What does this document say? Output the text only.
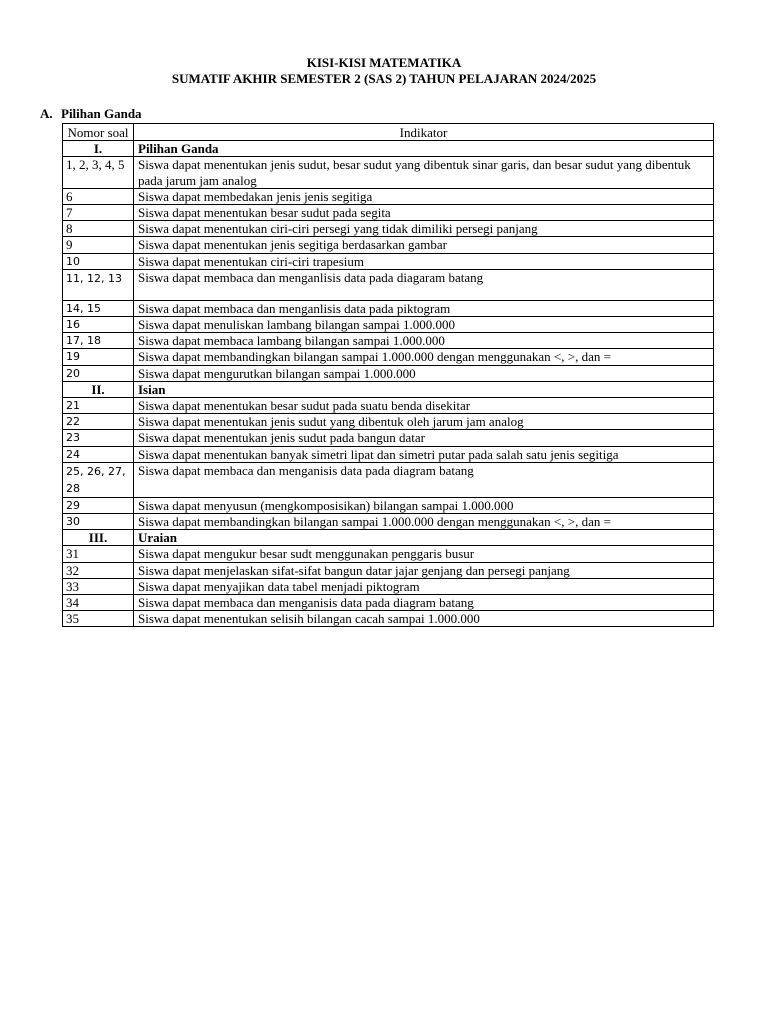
KISI-KISI MATEMATIKA
SUMATIF AKHIR SEMESTER 2 (SAS 2) TAHUN PELAJARAN 2024/2025
A. Pilihan Ganda
Nomor soal	Indikator
I.	Pilihan Ganda
1, 2, 3, 4, 5	Siswa dapat menentukan jenis sudut, besar sudut yang dibentuk sinar garis, dan besar sudut yang dibentuk pada jarum jam analog
6	Siswa dapat membedakan jenis jenis segitiga
7	Siswa dapat menentukan besar sudut pada segita
8	Siswa dapat menentukan ciri-ciri persegi yang tidak dimiliki persegi panjang
9	Siswa dapat menentukan jenis segitiga berdasarkan gambar
10	Siswa dapat menentukan ciri-ciri trapesium
11, 12, 13	Siswa dapat membaca dan menganlisis data pada diagaram batang
14, 15	Siswa dapat membaca dan menganlisis data pada piktogram
16	Siswa dapat menuliskan lambang bilangan sampai 1.000.000
17, 18	Siswa dapat membaca lambang bilangan sampai 1.000.000
19	Siswa dapat membandingkan bilangan sampai 1.000.000 dengan menggunakan <, >, dan =
20	Siswa dapat mengurutkan bilangan sampai 1.000.000
II.	Isian
21	Siswa dapat menentukan besar sudut pada suatu benda disekitar
22	Siswa dapat menentukan jenis sudut yang dibentuk oleh jarum jam analog
23	Siswa dapat menentukan jenis sudut pada bangun datar
24	Siswa dapat menentukan banyak simetri lipat dan simetri putar pada salah satu jenis segitiga
25, 26, 27, 28	Siswa dapat membaca dan menganisis data pada diagram batang
29	Siswa dapat menyusun (mengkomposisikan) bilangan sampai 1.000.000
30	Siswa dapat membandingkan bilangan sampai 1.000.000 dengan menggunakan <, >, dan =
III.	Uraian
31	Siswa dapat mengukur besar sudt menggunakan penggaris busur
32	Siswa dapat menjelaskan sifat-sifat bangun datar jajar genjang dan persegi panjang
33	Siswa dapat menyajikan data tabel menjadi piktogram
34	Siswa dapat membaca dan menganisis data pada diagram batang
35	Siswa dapat menentukan selisih bilangan cacah sampai 1.000.000
